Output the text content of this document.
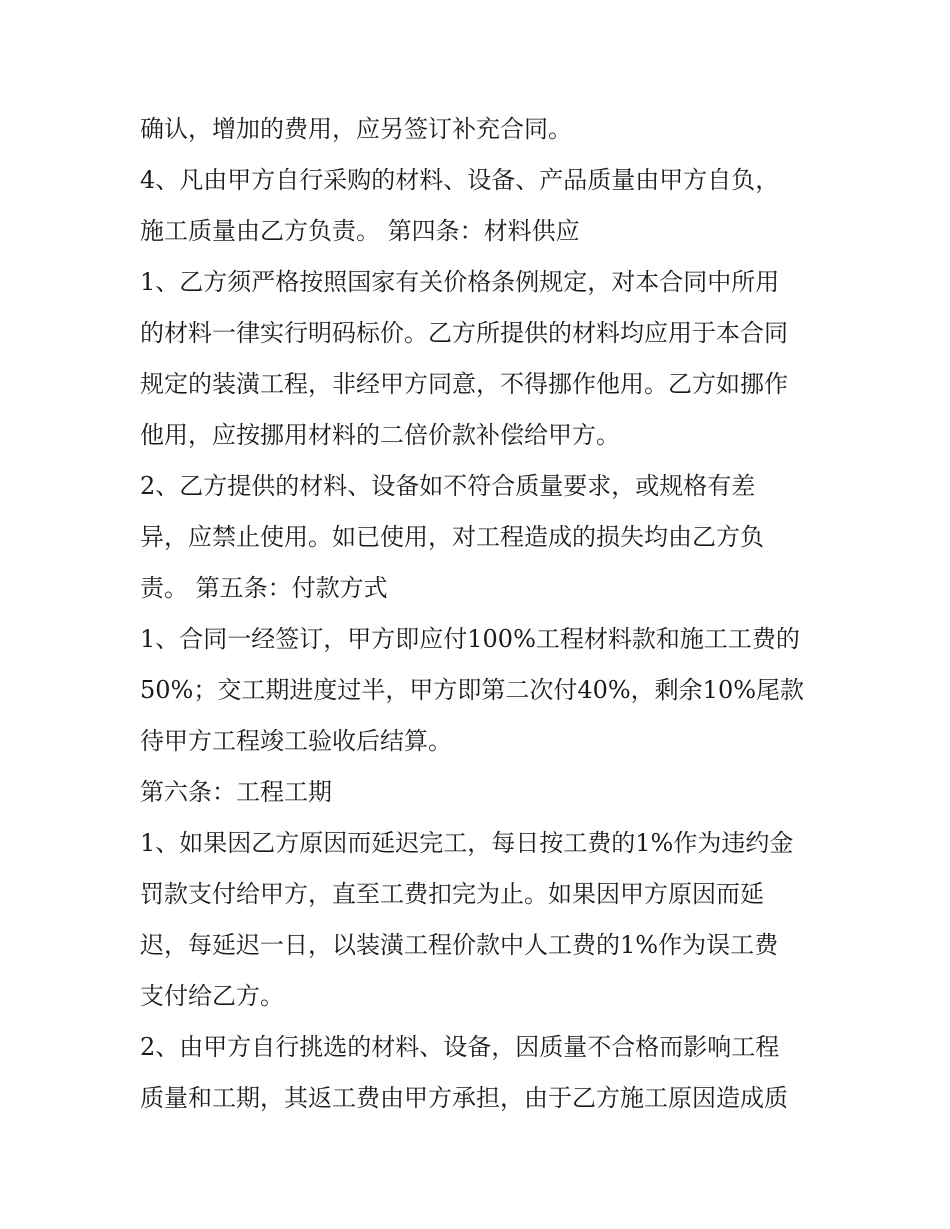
确认，增加的费用，应另签订补充合同。
4、凡由甲方自行采购的材料、设备、产品质量由甲方自负，
施工质量由乙方负责。 第四条：材料供应
1、乙方须严格按照国家有关价格条例规定，对本合同中所用
的材料一律实行明码标价。乙方所提供的材料均应用于本合同
规定的装潢工程，非经甲方同意，不得挪作他用。乙方如挪作
他用，应按挪用材料的二倍价款补偿给甲方。
2、乙方提供的材料、设备如不符合质量要求，或规格有差
异，应禁止使用。如已使用，对工程造成的损失均由乙方负
责。 第五条：付款方式
1、合同一经签订，甲方即应付100%工程材料款和施工工费的
50%；交工期进度过半，甲方即第二次付40%，剩余10%尾款
待甲方工程竣工验收后结算。
第六条：工程工期
1、如果因乙方原因而延迟完工，每日按工费的1%作为违约金
罚款支付给甲方，直至工费扣完为止。如果因甲方原因而延
迟，每延迟一日，以装潢工程价款中人工费的1%作为误工费
支付给乙方。
2、由甲方自行挑选的材料、设备，因质量不合格而影响工程
质量和工期，其返工费由甲方承担，由于乙方施工原因造成质
